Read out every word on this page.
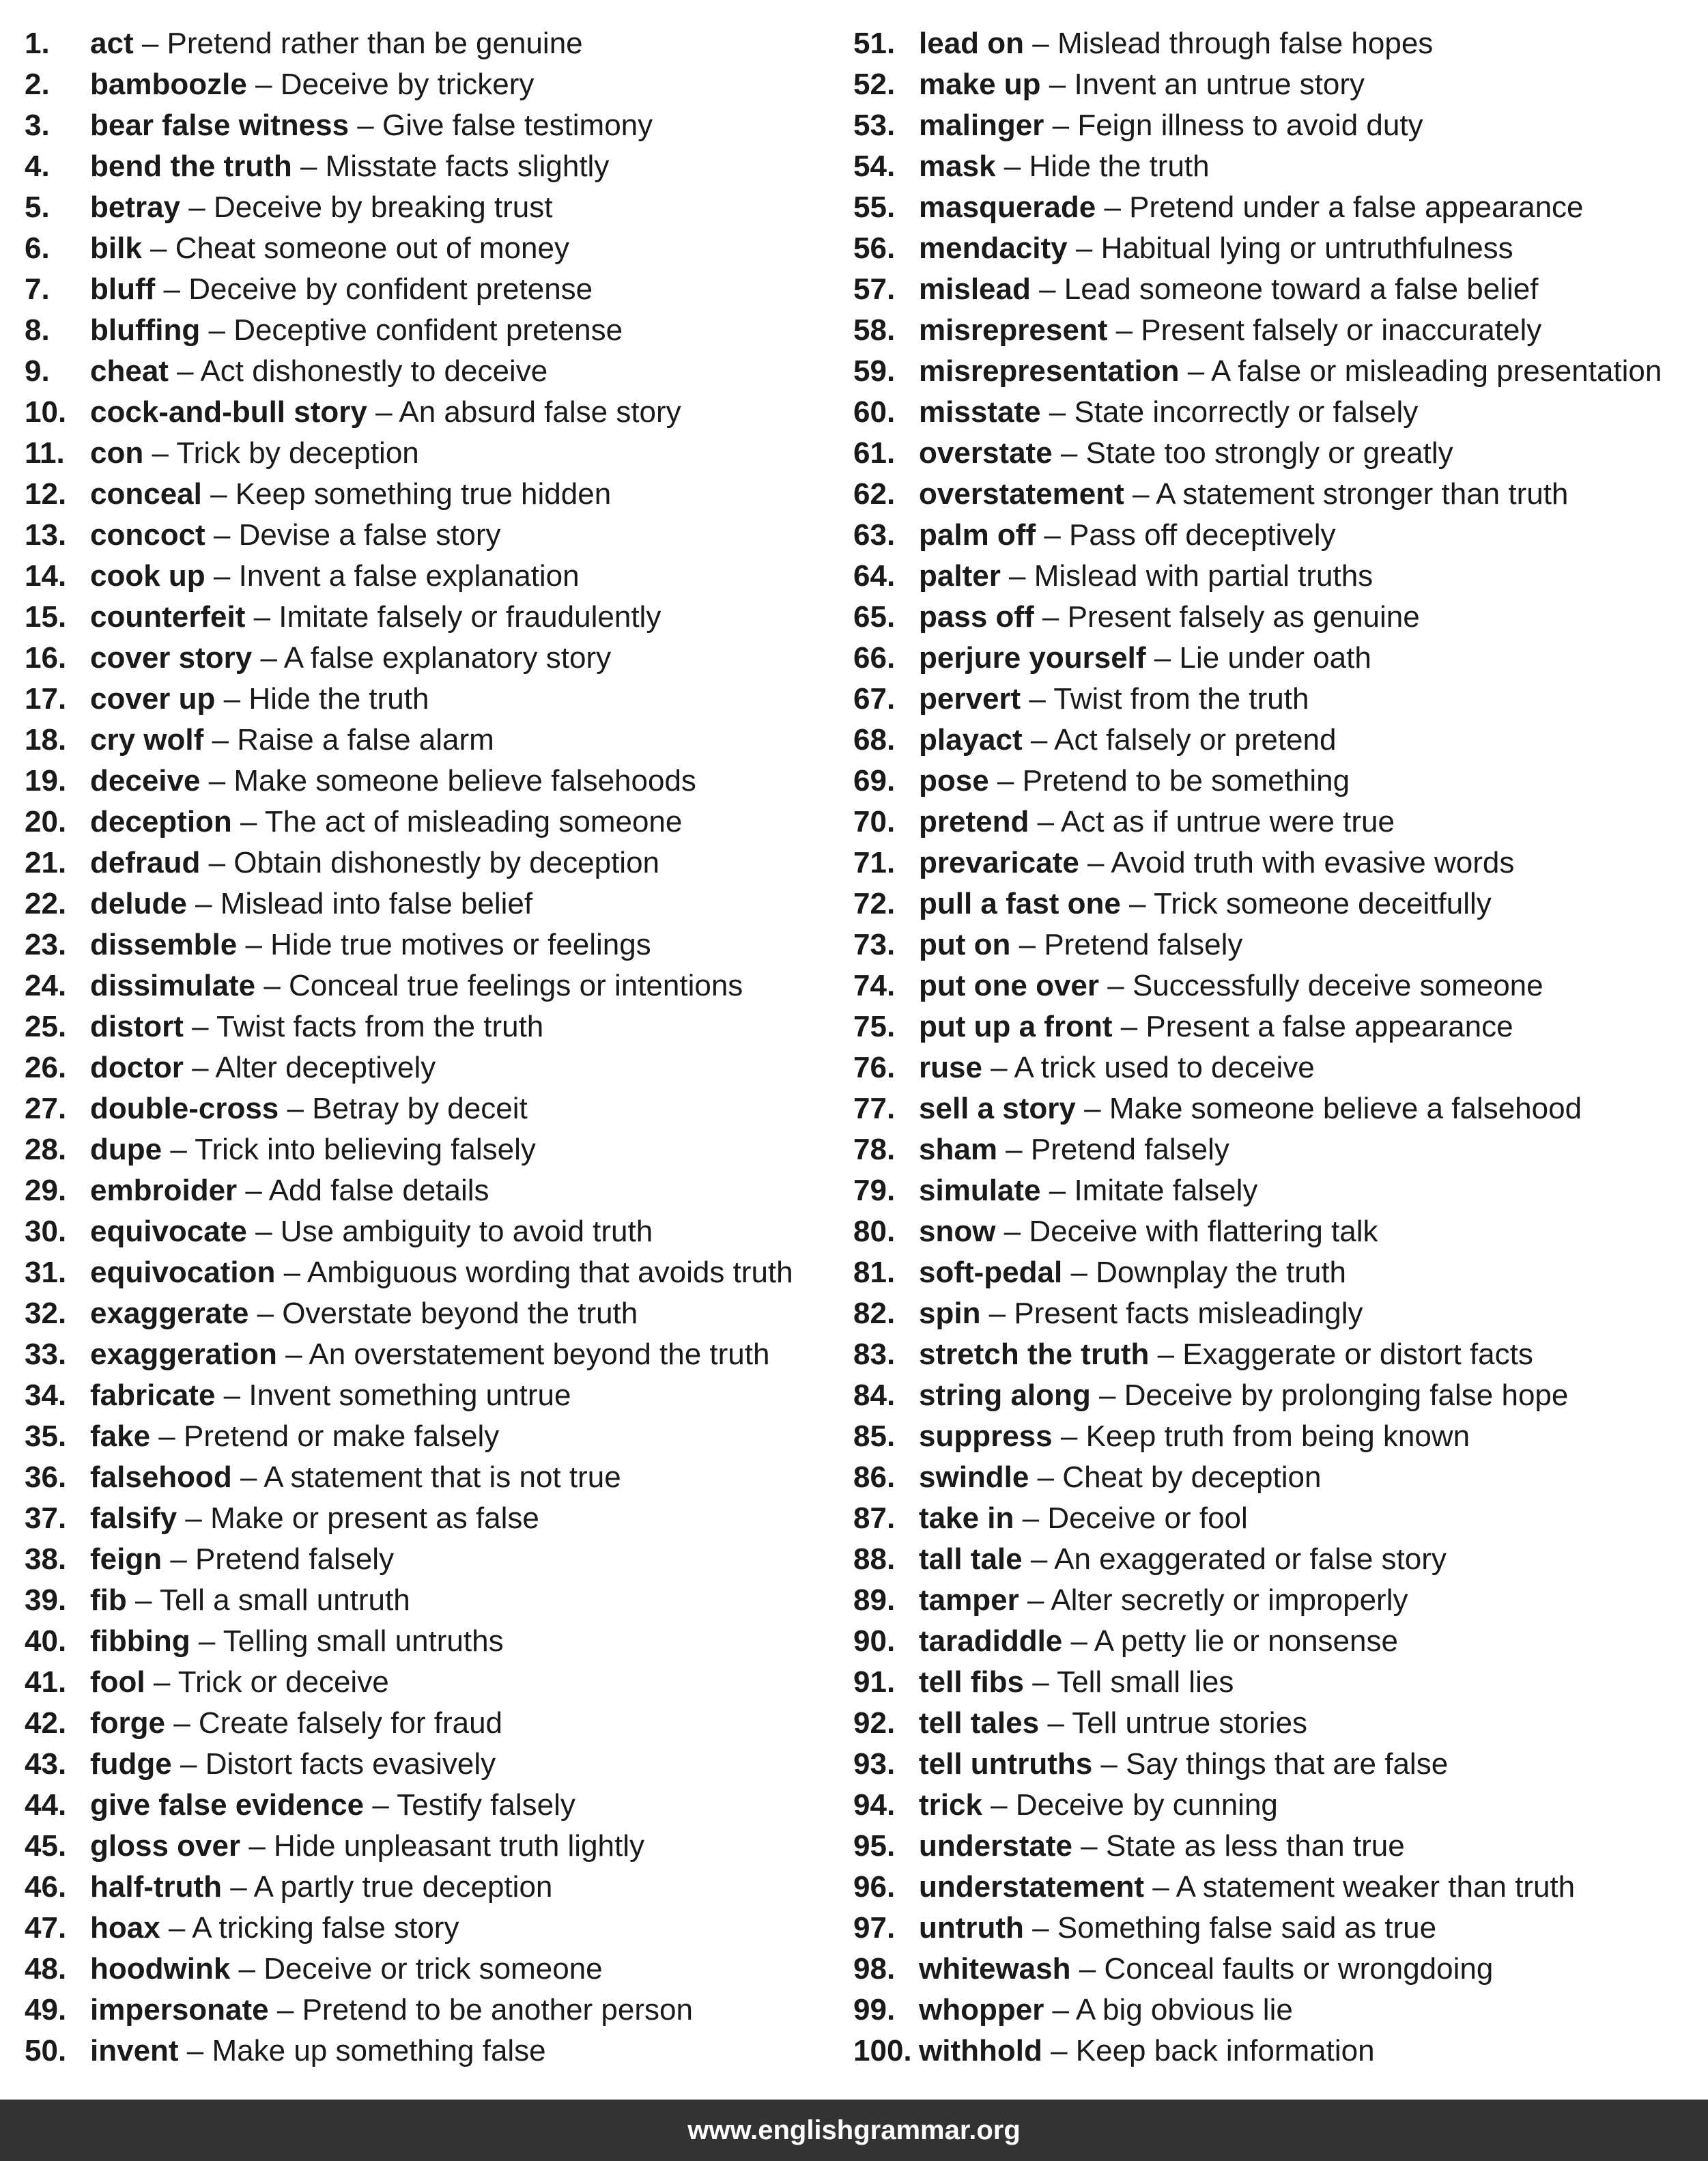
1. act – Pretend rather than be genuine
2. bamboozle – Deceive by trickery
3. bear false witness – Give false testimony
4. bend the truth – Misstate facts slightly
5. betray – Deceive by breaking trust
6. bilk – Cheat someone out of money
7. bluff – Deceive by confident pretense
8. bluffing – Deceptive confident pretense
9. cheat – Act dishonestly to deceive
10. cock-and-bull story – An absurd false story
11. con – Trick by deception
12. conceal – Keep something true hidden
13. concoct – Devise a false story
14. cook up – Invent a false explanation
15. counterfeit – Imitate falsely or fraudulently
16. cover story – A false explanatory story
17. cover up – Hide the truth
18. cry wolf – Raise a false alarm
19. deceive – Make someone believe falsehoods
20. deception – The act of misleading someone
21. defraud – Obtain dishonestly by deception
22. delude – Mislead into false belief
23. dissemble – Hide true motives or feelings
24. dissimulate – Conceal true feelings or intentions
25. distort – Twist facts from the truth
26. doctor – Alter deceptively
27. double-cross – Betray by deceit
28. dupe – Trick into believing falsely
29. embroider – Add false details
30. equivocate – Use ambiguity to avoid truth
31. equivocation – Ambiguous wording that avoids truth
32. exaggerate – Overstate beyond the truth
33. exaggeration – An overstatement beyond the truth
34. fabricate – Invent something untrue
35. fake – Pretend or make falsely
36. falsehood – A statement that is not true
37. falsify – Make or present as false
38. feign – Pretend falsely
39. fib – Tell a small untruth
40. fibbing – Telling small untruths
41. fool – Trick or deceive
42. forge – Create falsely for fraud
43. fudge – Distort facts evasively
44. give false evidence – Testify falsely
45. gloss over – Hide unpleasant truth lightly
46. half-truth – A partly true deception
47. hoax – A tricking false story
48. hoodwink – Deceive or trick someone
49. impersonate – Pretend to be another person
50. invent – Make up something false
51. lead on – Mislead through false hopes
52. make up – Invent an untrue story
53. malinger – Feign illness to avoid duty
54. mask – Hide the truth
55. masquerade – Pretend under a false appearance
56. mendacity – Habitual lying or untruthfulness
57. mislead – Lead someone toward a false belief
58. misrepresent – Present falsely or inaccurately
59. misrepresentation – A false or misleading presentation
60. misstate – State incorrectly or falsely
61. overstate – State too strongly or greatly
62. overstatement – A statement stronger than truth
63. palm off – Pass off deceptively
64. palter – Mislead with partial truths
65. pass off – Present falsely as genuine
66. perjure yourself – Lie under oath
67. pervert – Twist from the truth
68. playact – Act falsely or pretend
69. pose – Pretend to be something
70. pretend – Act as if untrue were true
71. prevaricate – Avoid truth with evasive words
72. pull a fast one – Trick someone deceitfully
73. put on – Pretend falsely
74. put one over – Successfully deceive someone
75. put up a front – Present a false appearance
76. ruse – A trick used to deceive
77. sell a story – Make someone believe a falsehood
78. sham – Pretend falsely
79. simulate – Imitate falsely
80. snow – Deceive with flattering talk
81. soft-pedal – Downplay the truth
82. spin – Present facts misleadingly
83. stretch the truth – Exaggerate or distort facts
84. string along – Deceive by prolonging false hope
85. suppress – Keep truth from being known
86. swindle – Cheat by deception
87. take in – Deceive or fool
88. tall tale – An exaggerated or false story
89. tamper – Alter secretly or improperly
90. taradiddle – A petty lie or nonsense
91. tell fibs – Tell small lies
92. tell tales – Tell untrue stories
93. tell untruths – Say things that are false
94. trick – Deceive by cunning
95. understate – State as less than true
96. understatement – A statement weaker than truth
97. untruth – Something false said as true
98. whitewash – Conceal faults or wrongdoing
99. whopper – A big obvious lie
100. withhold – Keep back information
www.englishgrammar.org
